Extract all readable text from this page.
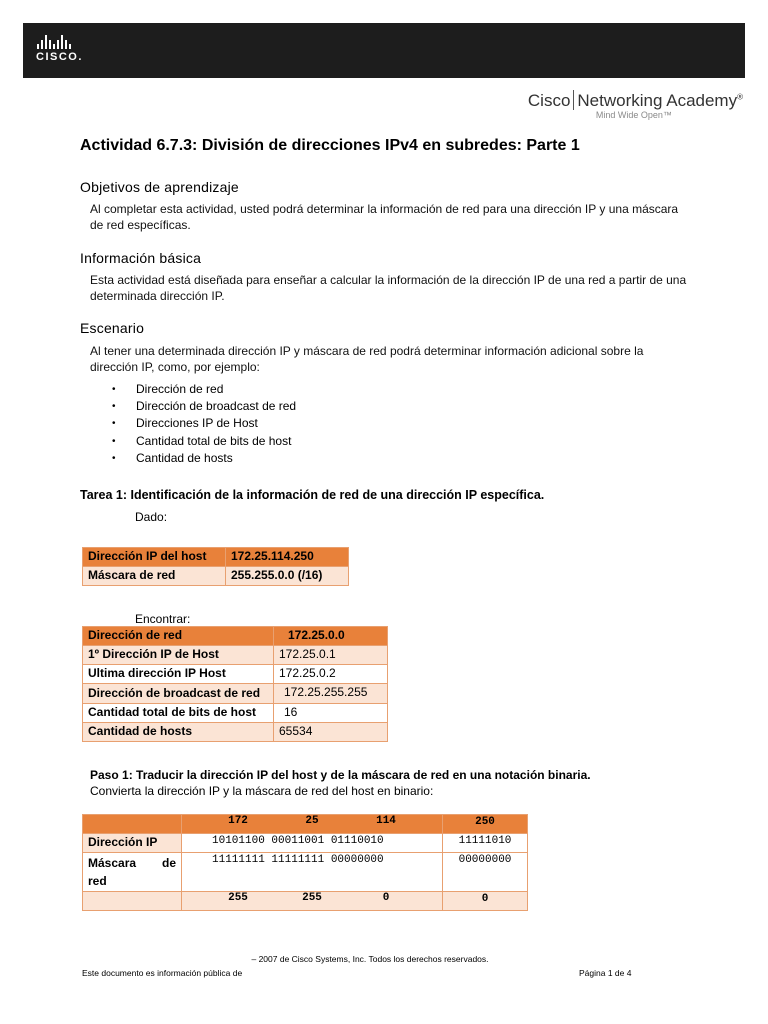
CISCO.
Cisco Networking Academy®
Mind Wide Open™
Actividad 6.7.3: División de direcciones IPv4 en subredes: Parte 1
Objetivos de aprendizaje
Al completar esta actividad, usted podrá determinar la información de red para una dirección IP y una máscara de red específicas.
Información básica
Esta actividad está diseñada para enseñar a calcular la información de la dirección IP de una red a partir de una determinada dirección IP.
Escenario
Al tener una determinada dirección IP y máscara de red podrá determinar información adicional sobre la dirección IP, como, por ejemplo:
• Dirección de red
• Dirección de broadcast de red
• Direcciones IP de Host
• Cantidad total de bits de host
• Cantidad de hosts
Tarea 1: Identificación de la información de red de una dirección IP específica.
Dado:
Dirección IP del host	172.25.114.250
Máscara de red	255.255.0.0 (/16)
Encontrar:
Dirección de red	172.25.0.0
1º Dirección IP de Host	172.25.0.1
Ultima dirección IP Host	172.25.0.2
Dirección de broadcast de red	172.25.255.255
Cantidad total de bits de host	16
Cantidad de hosts	65534
Paso 1: Traducir la dirección IP del host y de la máscara de red en una notación binaria.
Convierta la dirección IP y la máscara de red del host en binario:

	172 25 114	250
Dirección IP	10101100 00011001 01110010	11111010

Máscara de
red	11111111 11111111 00000000	00000000

	255 255 0	0
– 2007 de Cisco Systems, Inc. Todos los derechos reservados.
Este documento es información pública de	Página 1 de 4
